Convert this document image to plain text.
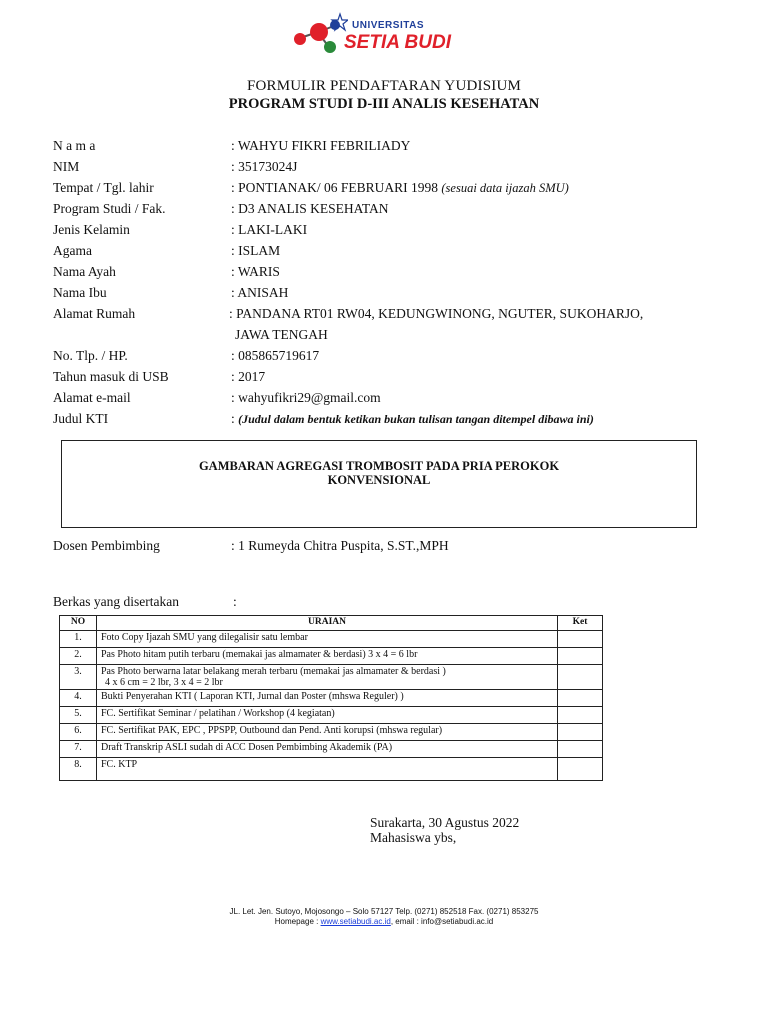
UNIVERSITAS
SETIA BUDI
FORMULIR PENDAFTARAN YUDISIUM
PROGRAM STUDI D-III ANALIS KESEHATAN
N a m a	: WAHYU FIKRI FEBRILIADY
NIM	: 35173024J
Tempat / Tgl. lahir	: PONTIANAK/ 06 FEBRUARI 1998 (sesuai data ijazah SMU)
Program Studi / Fak.	: D3 ANALIS KESEHATAN
Jenis Kelamin	: LAKI-LAKI
Agama	: ISLAM
Nama Ayah	: WARIS
Nama Ibu	: ANISAH
Alamat Rumah	: PANDANA RT01 RW04, KEDUNGWINONG, NGUTER, SUKOHARJO,
JAWA TENGAH
No. Tlp. / HP.	: 085865719617
Tahun masuk di USB	: 2017
Alamat e-mail	: wahyufikri29@gmail.com
Judul KTI	: (Judul dalam bentuk ketikan bukan tulisan tangan ditempel dibawa ini)
GAMBARAN AGREGASI TROMBOSIT PADA PRIA PEROKOK
KONVENSIONAL
Dosen Pembimbing	: 1 Rumeyda Chitra Puspita, S.ST.,MPH
Berkas yang disertakan	:
NO	URAIAN	Ket
1.	Foto Copy Ijazah SMU yang dilegalisir satu lembar	
2.	Pas Photo hitam putih terbaru (memakai jas almamater & berdasi) 3 x 4 = 6 lbr	
3.	Pas Photo berwarna latar belakang merah terbaru (memakai jas almamater & berdasi )
4 x 6 cm = 2 lbr, 3 x 4 = 2 lbr	

4.	Bukti Penyerahan KTI ( Laporan KTI, Jurnal dan Poster (mhswa Reguler) )	
5.	FC. Sertifikat Seminar / pelatihan / Workshop (4 kegiatan)	
6.	FC. Sertifikat PAK, EPC , PPSPP, Outbound dan Pend. Anti korupsi (mhswa regular)	
7.	Draft Transkrip ASLI sudah di ACC Dosen Pembimbing Akademik (PA)	
8.	FC. KTP	
Surakarta, 30 Agustus 2022
Mahasiswa ybs,
JL. Let. Jen. Sutoyo, Mojosongo – Solo 57127 Telp. (0271) 852518 Fax. (0271) 853275
Homepage : www.setiabudi.ac.id, email : info@setiabudi.ac.id
